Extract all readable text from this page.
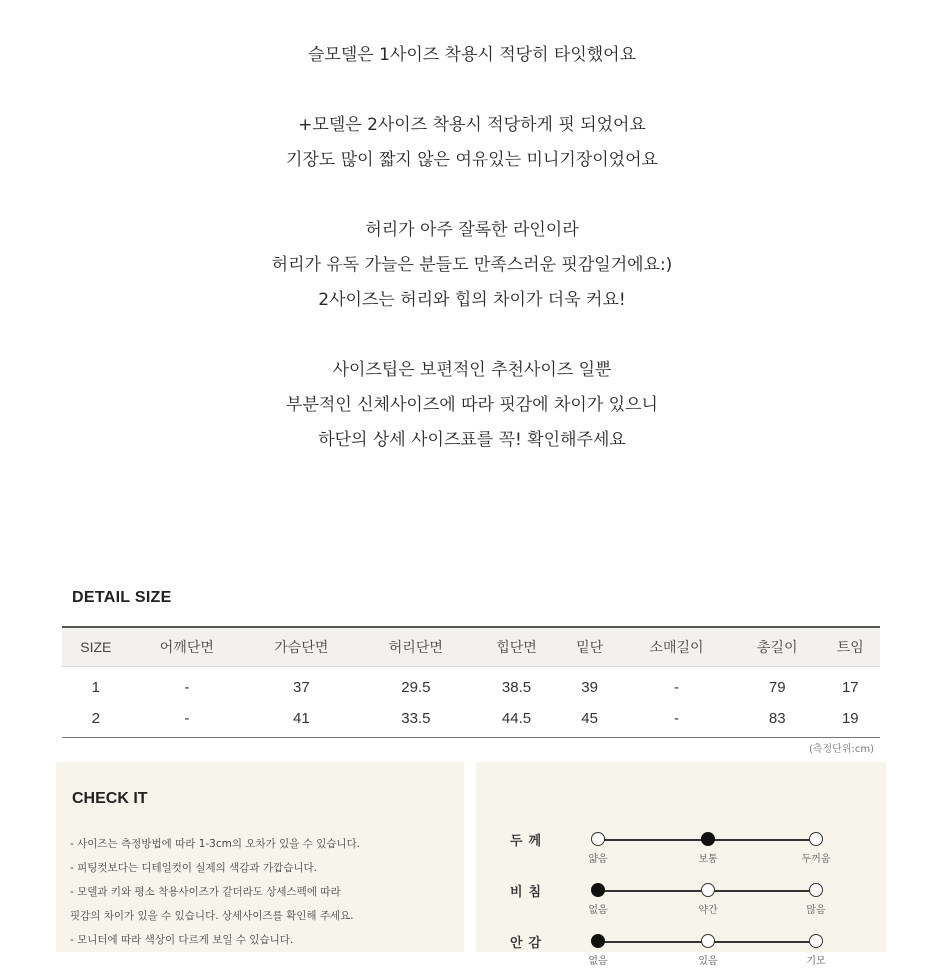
슬모델은 1사이즈 착용시 적당히 타잇했어요
+모델은 2사이즈 착용시 적당하게 핏 되었어요
기장도 많이 짧지 않은 여유있는 미니기장이었어요
허리가 아주 잘록한 라인이라
허리가 유독 가늘은 분들도 만족스러운 핏감일거에요:)
2사이즈는 허리와 힙의 차이가 더욱 커요!
사이즈팁은 보편적인 추천사이즈 일뿐
부분적인 신체사이즈에 따라 핏감에 차이가 있으니
하단의 상세 사이즈표를 꼭! 확인해주세요
DETAIL SIZE
SIZE	어깨단면	가슴단면	허리단면	힙단면	밑단	소매길이	총길이	트임
1	-	37	29.5	38.5	39	-	79	17
2	-	41	33.5	44.5	45	-	83	19
(측정단위:cm)
CHECK IT
- 사이즈는 측정방법에 따라 1-3cm의 오차가 있을 수 있습니다.
- 피팅컷보다는 디테일컷이 실제의 색감과 가깝습니다.
- 모델과 키와 평소 착용사이즈가 같더라도 상세스펙에 따라
핏감의 차이가 있을 수 있습니다. 상세사이즈를 확인해 주세요.
- 모니터에 따라 색상이 다르게 보일 수 있습니다.
두께
얇음	보통	두꺼움
비침
없음	약간	많음
안감
없음	있음	기모
